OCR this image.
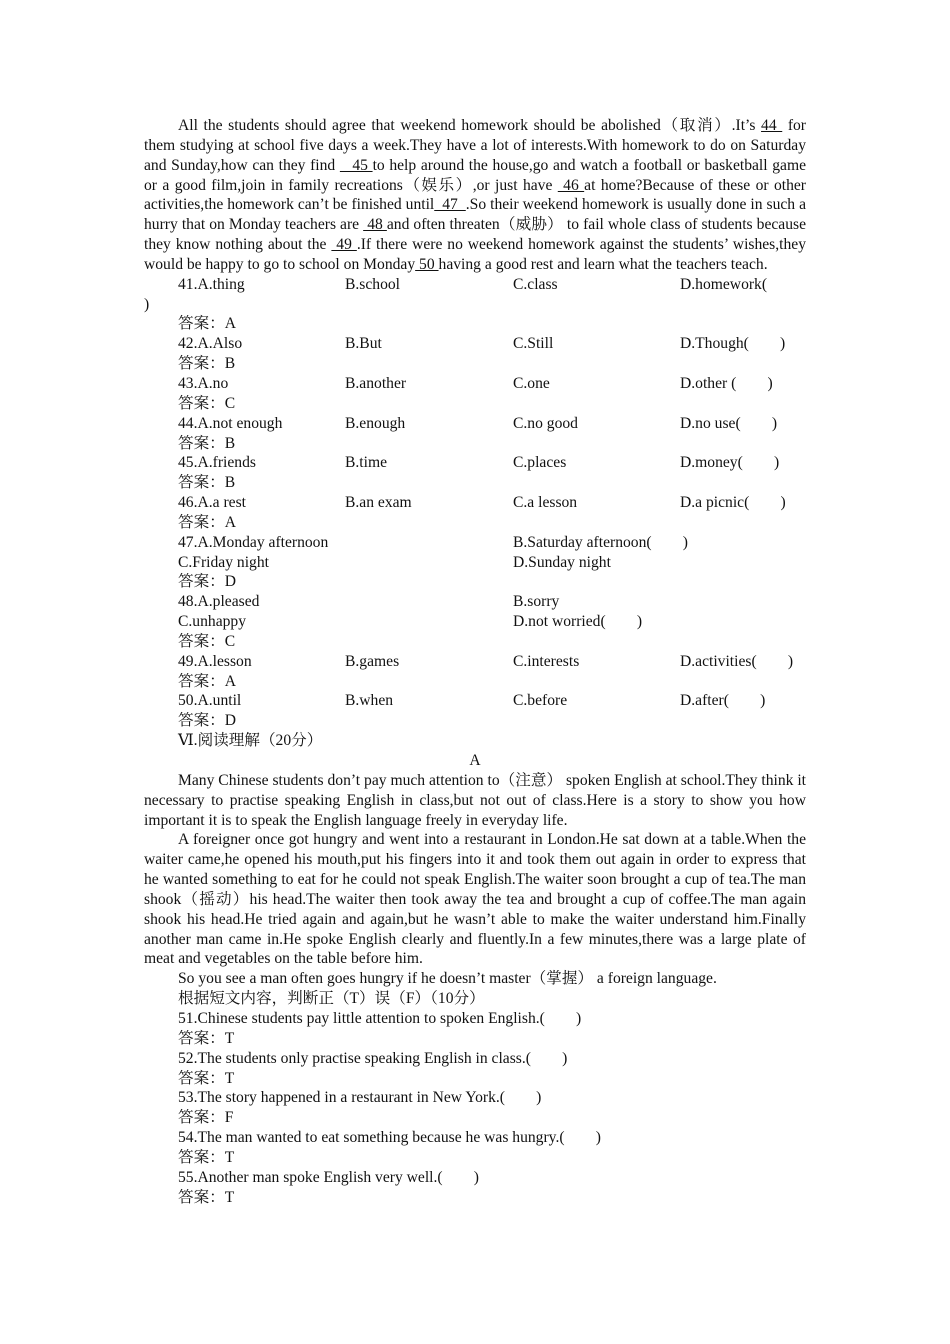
All the students should agree that weekend homework should be abolished（取消）.It’s 44  for them studying at school five days a week.They have a lot of interests.With homework to do on Saturday and Sunday,how can they find  _45 to help around the house,go and watch a football or basketball game or a good film,join in family recreations（娱乐）,or just have  46 at home?Because of these or other activities,the homework can’t be finished until  47  .So their weekend homework is usually done in such a hurry that on Monday teachers are  48 and often threaten（威胁） to fail whole class of students because they know nothing about the  49 .If there were no weekend homework against the students’ wishes,they would be happy to go to school on Monday 50 having a good rest and learn what the teachers teach.

41.A.thing	B.school	C.class	D.homework(
)
答案：A
42.A.Also	B.But	C.Still	D.Though(　　)
答案：B
43.A.no	B.another	C.one	D.other (　　)
答案：C
44.A.not enough	B.enough	C.no good	D.no use(　　)
答案：B
45.A.friends	B.time	C.places	D.money(　　)
答案：B
46.A.a rest	B.an exam	C.a lesson	D.a picnic(　　)
答案：A
47.A.Monday afternoon	B.Saturday afternoon(　　)
C.Friday night	D.Sunday night
答案：D
48.A.pleased	B.sorry
C.unhappy	D.not worried(　　)
答案：C
49.A.lesson	B.games	C.interests	D.activities(　　)
答案：A
50.A.until	B.when	C.before	D.after(　　)
答案：D
Ⅵ.阅读理解（20分）
A

Many Chinese students don’t pay much attention to（注意） spoken English at school.They think it necessary to practise speaking English in class,but not out of class.Here is a story to show you how important it is to speak the English language freely in everyday life.

A foreigner once got hungry and went into a restaurant in London.He sat down at a table.When the waiter came,he opened his mouth,put his fingers into it and took them out again in order to express that he wanted something to eat for he could not speak English.The waiter soon brought a cup of tea.The man shook（摇动）his head.The waiter then took away the tea and brought a cup of coffee.The man again shook his head.He tried again and again,but he wasn’t able to make the waiter understand him.Finally another man came in.He spoke English clearly and fluently.In a few minutes,there was a large plate of meat and vegetables on the table before him.

So you see a man often goes hungry if he doesn’t master（掌握） a foreign language.

根据短文内容，判断正（T）误（F）（10分）
51.Chinese students pay little attention to spoken English.(　　)
答案：T
52.The students only practise speaking English in class.(　　)
答案：T
53.The story happened in a restaurant in New York.(　　)
答案：F
54.The man wanted to eat something because he was hungry.(　　)
答案：T
55.Another man spoke English very well.(　　)
答案：T
